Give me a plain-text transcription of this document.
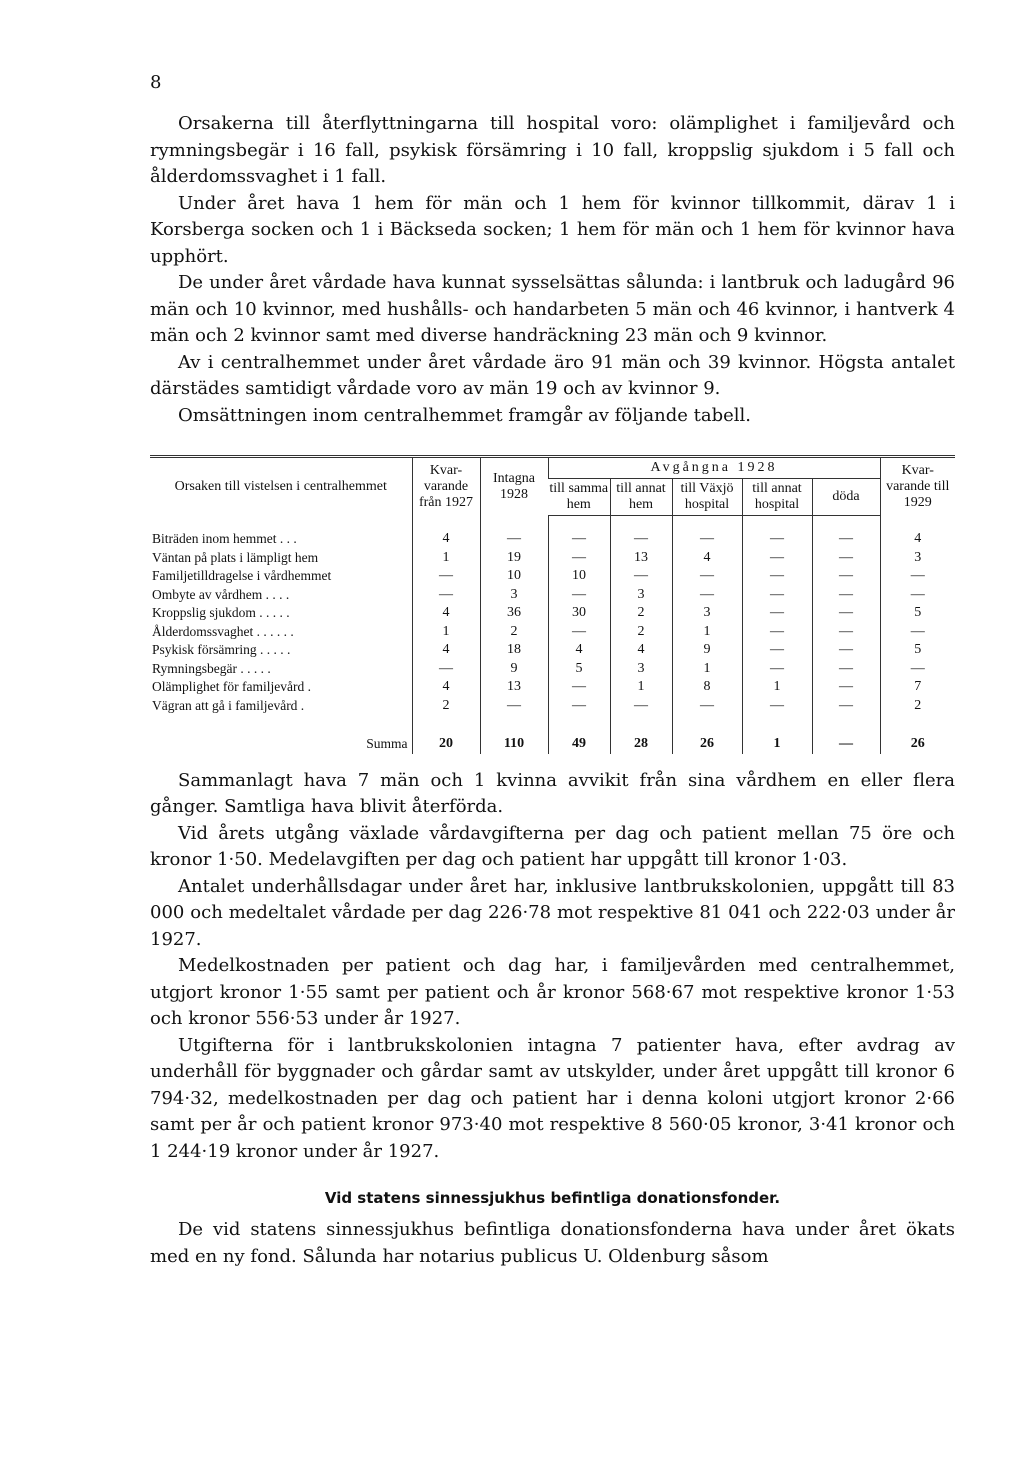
8

Orsakerna till återflyttningarna till hospital voro: olämplighet i familjevård och rymningsbegär i 16 fall, psykisk försämring i 10 fall, kroppslig sjukdom i 5 fall och ålderdomssvaghet i 1 fall.

Under året hava 1 hem för män och 1 hem för kvinnor tillkommit, därav 1 i Korsberga socken och 1 i Bäckseda socken; 1 hem för män och 1 hem för kvinnor hava upphört.

De under året vårdade hava kunnat sysselsättas sålunda: i lantbruk och ladugård 96 män och 10 kvinnor, med hushålls- och handarbeten 5 män och 46 kvinnor, i hantverk 4 män och 2 kvinnor samt med diverse handräckning 23 män och 9 kvinnor.

Av i centralhemmet under året vårdade äro 91 män och 39 kvinnor. Högsta antalet därstädes samtidigt vårdade voro av män 19 och av kvinnor 9.

Omsättningen inom centralhemmet framgår av följande tabell.

Orsaken till vistelsen i centralhemmet	Kvar- varande från 1927	Intagna 1928	Avgångna 1928					Kvar- varande till 1929
			till samma hem	till annat hem	till Växjö hospital	till annat hospital	döda	
Biträden inom hemmet . . .	4	—	—	—	—	—	—	4
Väntan på plats i lämpligt hem	1	19	—	13	4	—	—	3
Familjetilldragelse i vårdhemmet	—	10	10	—	—	—	—	—
Ombyte av vårdhem . . . .	—	3	—	3	—	—	—	—
Kroppslig sjukdom . . . . .	4	36	30	2	3	—	—	5
Ålderdomssvaghet . . . . . .	1	2	—	2	1	—	—	—
Psykisk försämring . . . . .	4	18	4	4	9	—	—	5
Rymningsbegär . . . . .	—	9	5	3	1	—	—	—
Olämplighet för familjevård .	4	13	—	1	8	1	—	7
Vägran att gå i familjevård .	2	—	—	—	—	—	—	2
Summa	20	110	49	28	26	1	—	26

Sammanlagt hava 7 män och 1 kvinna avvikit från sina vårdhem en eller flera gånger. Samtliga hava blivit återförda.

Vid årets utgång växlade vårdavgifterna per dag och patient mellan 75 öre och kronor 1·50. Medelavgiften per dag och patient har uppgått till kronor 1·03.

Antalet underhållsdagar under året har, inklusive lantbrukskolonien, uppgått till 83 000 och medeltalet vårdade per dag 226·78 mot respektive 81 041 och 222·03 under år 1927.

Medelkostnaden per patient och dag har, i familjevården med centralhemmet, utgjort kronor 1·55 samt per patient och år kronor 568·67 mot respektive kronor 1·53 och kronor 556·53 under år 1927.

Utgifterna för i lantbrukskolonien intagna 7 patienter hava, efter avdrag av underhåll för byggnader och gårdar samt av utskylder, under året uppgått till kronor 6 794·32, medelkostnaden per dag och patient har i denna koloni utgjort kronor 2·66 samt per år och patient kronor 973·40 mot respektive 8 560·05 kronor, 3·41 kronor och 1 244·19 kronor under år 1927.

Vid statens sinnessjukhus befintliga donationsfonder.

De vid statens sinnessjukhus befintliga donationsfonderna hava under året ökats med en ny fond. Sålunda har notarius publicus U. Oldenburg såsom
